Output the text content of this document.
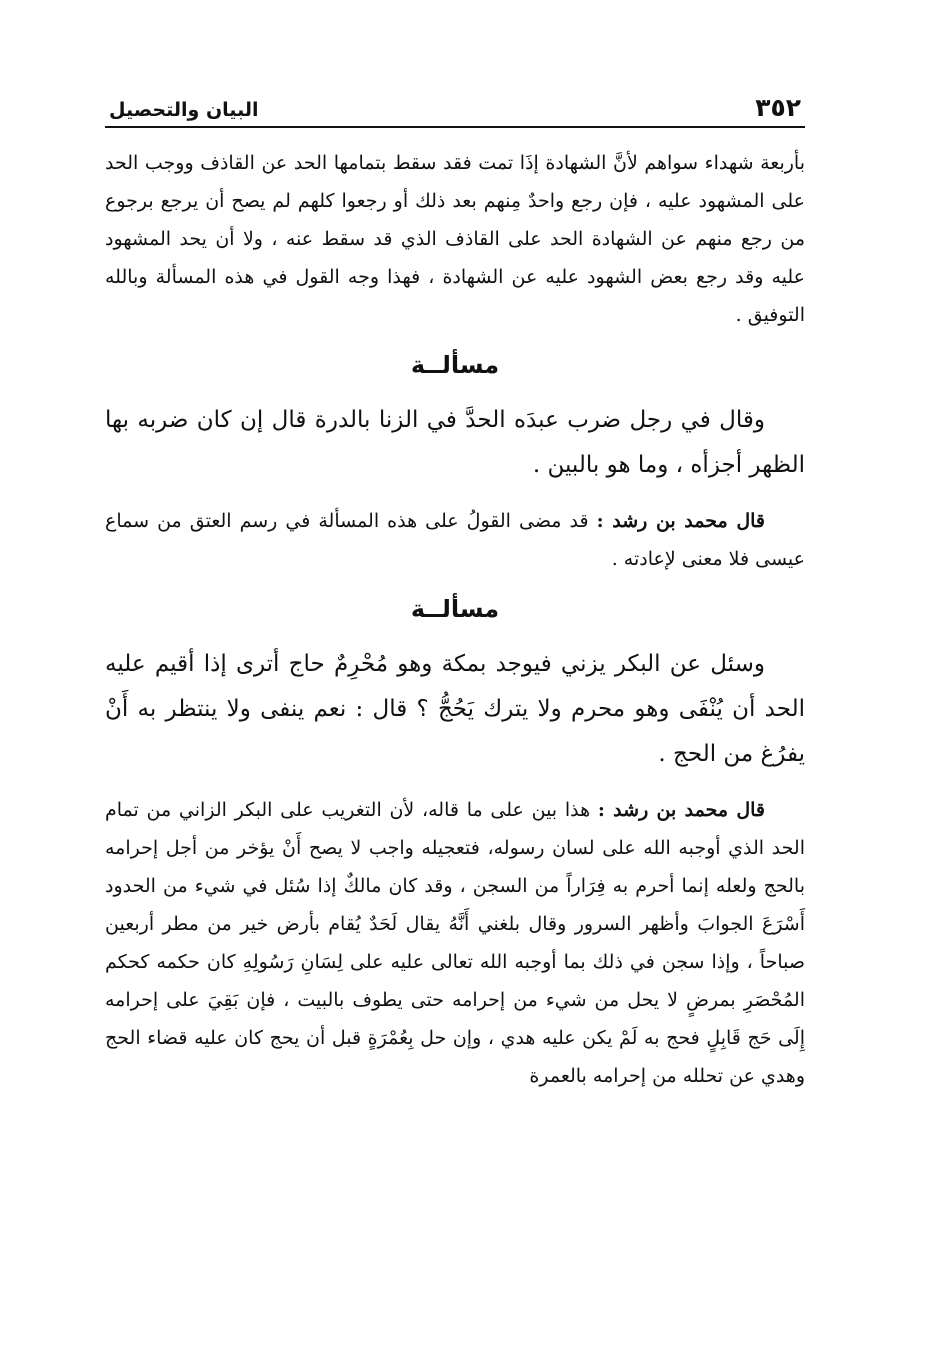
٣٥٢
البيان والتحصيل

بأربعة شهداء سواهم لأنَّ الشهادة إذَا تمت فقد سقط بتمامها الحد عن القاذف ووجب الحد على المشهود عليه ، فإن رجع واحدٌ مِنهم بعد ذلك أو رجعوا كلهم لم يصح أن يرجع برجوع من رجع منهم عن الشهادة الحد على القاذف الذي قد سقط عنه ، ولا أن يحد المشهود عليه وقد رجع بعض الشهود عليه عن الشهادة ، فهذا وجه القول في هذه المسألة وبالله التوفيق .

مسألــة

وقال في رجل ضرب عبدَه الحدَّ في الزنا بالدرة قال إن كان ضربه بها الظهر أجزأه ، وما هو بالبين .

قال محمد بن رشد : قد مضى القولُ على هذه المسألة في رسم العتق من سماع عيسى فلا معنى لإعادته .

مسألــة

وسئل عن البكر يزني فيوجد بمكة وهو مُحْرِمٌ حاج أترى إذا أقيم عليه الحد أن يُنْفَى وهو محرم ولا يترك يَحُجُّ ؟ قال : نعم ينفى ولا ينتظر به أَنْ يفرُغ من الحج .

قال محمد بن رشد : هذا بين على ما قاله، لأن التغريب على البكر الزاني من تمام الحد الذي أوجبه الله على لسان رسوله، فتعجيله واجب لا يصح أَنْ يؤخر من أجل إحرامه بالحج ولعله إنما أحرم به فِرَاراً من السجن ، وقد كان مالكٌ إذا سُئل في شيء من الحدود أَسْرَعَ الجوابَ وأظهر السرور وقال بلغني أَنَّهُ يقال لَحَدٌ يُقام بأرض خير من مطر أربعين صباحاً ، وإذا سجن في ذلك بما أوجبه الله تعالى عليه على لِسَانِ رَسُولِهِ كان حكمه كحكم المُحْصَرِ بمرضٍ لا يحل من شيء من إحرامه حتى يطوف بالبيت ، فإن بَقِيَ على إحرامه إِلَى حَج قَابِلٍ فحج به لَمْ يكن عليه هدي ، وإن حل بِعُمْرَةٍ قبل أن يحج كان عليه قضاء الحج وهدي عن تحلله من إحرامه بالعمرة
